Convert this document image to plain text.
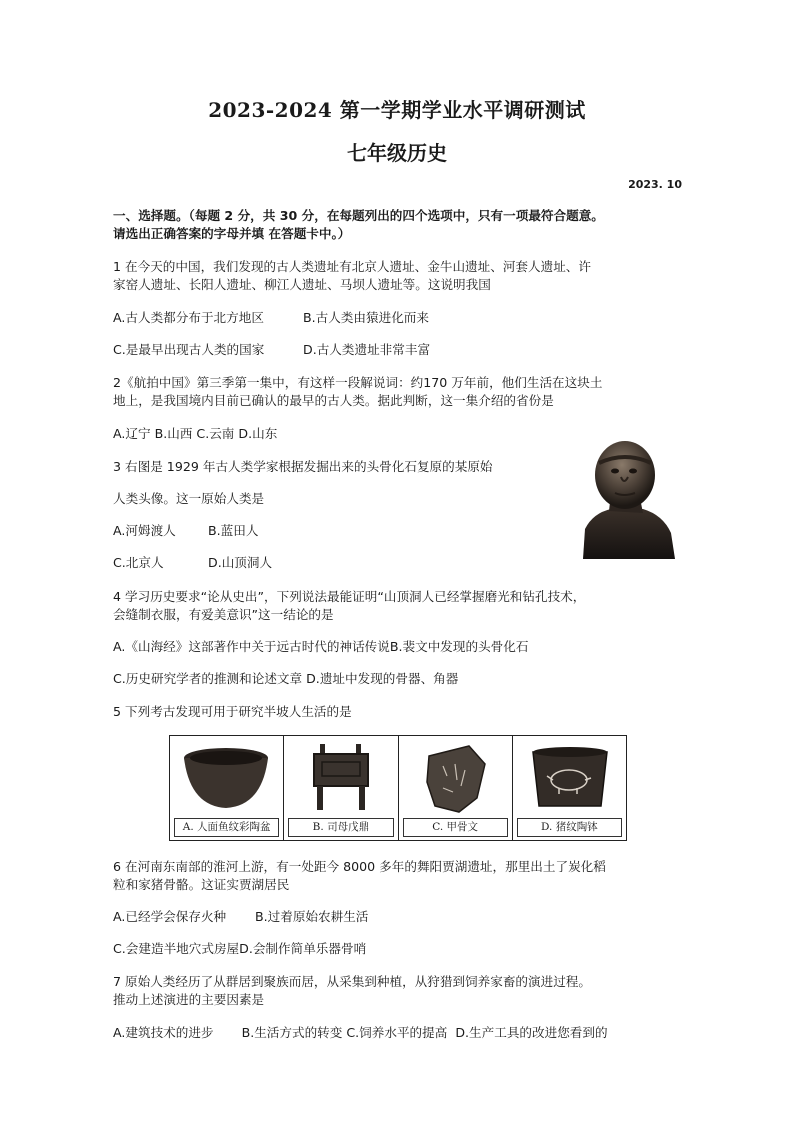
2023-2024 第一学期学业水平调研测试
七年级历史
2023. 10
一、选择题。（每题 2 分，共 30 分，在每题列出的四个选项中，只有一项最符合题意。
请选出正确答案的字母并填 在答题卡中。）
1 在今天的中国，我们发现的古人类遗址有北京人遗址、金牛山遗址、河套人遗址、许
家窑人遗址、长阳人遗址、柳江人遗址、马坝人遗址等。这说明我国
A.古人类都分布于北方地区	B.古人类由猿进化而来
C.是最早出现古人类的国家	D.古人类遗址非常丰富
2《航拍中国》第三季第一集中，有这样一段解说词：约170 万年前，他们生活在这块土
地上，是我国境内目前已确认的最早的古人类。据此判断，这一集介绍的省份是
A.辽宁 B.山西 C.云南 D.山东
3 右图是 1929 年古人类学家根据发掘出来的头骨化石复原的某原始
人类头像。这一原始人类是
A.河姆渡人	B.蓝田人
C.北京人	D.山顶洞人
4 学习历史要求“论从史出”，下列说法最能证明“山顶洞人已经掌握磨光和钻孔技术，
会缝制衣服，有爱美意识”这一结论的是
A.《山海经》这部著作中关于远古时代的神话传说B.裴文中发现的头骨化石
C.历史研究学者的推测和论述文章 D.遗址中发现的骨器、角器
5 下列考古发现可用于研究半坡人生活的是
A. 人面鱼纹彩陶盆	B. 司母戊鼎	C. 甲骨文	D. 猪纹陶钵
6 在河南东南部的淮河上游，有一处距今 8000 多年的舞阳贾湖遗址，那里出土了炭化稻
粒和家猪骨骼。这证实贾湖居民
A.已经学会保存火种 B.过着原始农耕生活
C.会建造半地穴式房屋D.会制作简单乐器骨哨
7 原始人类经历了从群居到聚族而居，从采集到种植，从狩猎到饲养家畜的演进过程。
推动上述演进的主要因素是
A.建筑技术的进步       B.生活方式的转变 C.饲养水平的提高  D.生产工具的改进您看到的
